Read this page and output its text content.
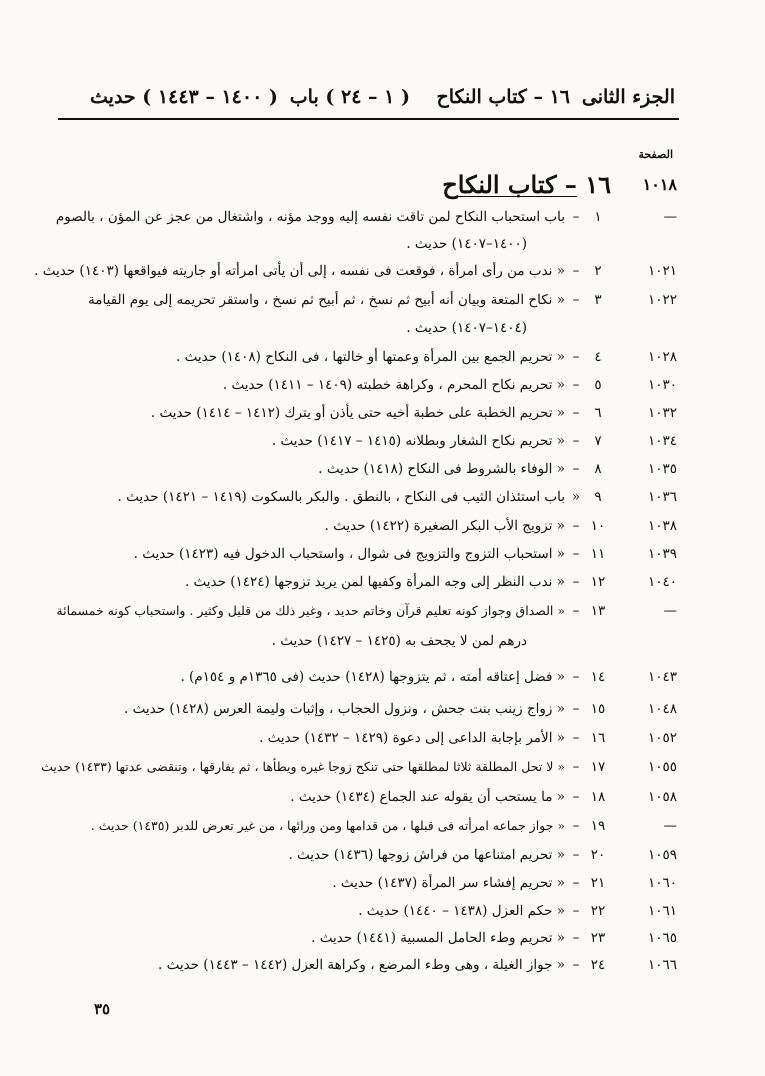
الجزء الثانى
١٦ – كتاب النكاح    ( ١ – ٢٤ ) باب
( ١٤٠٠ – ١٤٤٣ ) حديث
الصفحة
١٠١٨
١٦ – كتاب النكاح
—
١
–
باب استحباب النكاح لمن تاقت نفسه إليه ووجد مؤنه ، واشتغال من عجز عن المؤن ، بالصوم
(١٤٠٠–١٤٠٧) حديث .
١٠٢١
٢
–
« ندب من رأى امرأة ، فوقعت فى نفسه ، إلى أن يأتى امرأته أو جاريته فيواقعها (١٤٠٣) حديث .
١٠٢٢
٣
–
« نكاح المتعة وبيان أنه أبيح ثم نسخ ، ثم أبيح ثم نسخ ، واستقر تحريمه إلى يوم القيامة
(١٤٠٤–١٤٠٧) حديث .
١٠٢٨
٤
–
« تحريم الجمع بين المرأة وعمتها أو خالتها ، فى النكاح (١٤٠٨) حديث .
١٠٣٠
٥
–
« تحريم نكاح المحرم ، وكراهة خطبته (١٤٠٩ – ١٤١١) حديث .
١٠٣٢
٦
–
« تحريم الخطبة على خطبة أخيه حتى يأذن أو يترك (١٤١٢ – ١٤١٤) حديث .
١٠٣٤
٧
–
« تحريم نكاح الشغار وبطلانه (١٤١٥ – ١٤١٧) حديث .
١٠٣٥
٨
–
« الوفاء بالشروط فى النكاح (١٤١٨) حديث .
١٠٣٦
٩
«
باب استئذان الثيب فى النكاح ، بالنطق . والبكر بالسكوت (١٤١٩ – ١٤٢١) حديث .
١٠٣٨
١٠
–
« تزويج الأب البكر الصغيرة (١٤٢٢) حديث .
١٠٣٩
١١
–
« استحباب التزوج والتزويج فى شوال ، واستحباب الدخول فيه (١٤٢٣) حديث .
١٠٤٠
١٢
–
« ندب النظر إلى وجه المرأة وكفيها لمن يريد تزوجها (١٤٢٤) حديث .
—
١٣
–
« الصداق وجواز كونه تعليم قرآن وخاتم حديد ، وغير ذلك من قليل وكثير . واستحباب كونه خمسمائة
درهم لمن لا يجحف به (١٤٢٥ – ١٤٢٧) حديث .
١٠٤٣
١٤
–
« فضل إعتاقه أمته ، ثم يتزوجها (١٤٢٨) حديث (فى ١٣٦٥م و ١٥٤م) .
١٠٤٨
١٥
–
« زواج زينب بنت جحش ، ونزول الحجاب ، وإثبات وليمة العرس (١٤٢٨) حديث .
١٠٥٢
١٦
–
« الأمر بإجابة الداعى إلى دعوة (١٤٢٩ – ١٤٣٢) حديث .
١٠٥٥
١٧
–
« لا تحل المطلقة ثلاثا لمطلقها حتى تنكح زوجا غيره ويطأها ، ثم يفارقها ، وتنقضى عدتها (١٤٣٣) حديث
١٠٥٨
١٨
–
« ما يستحب أن يقوله عند الجماع (١٤٣٤) حديث .
—
١٩
–
« جواز جماعه امرأته فى قبلها ، من قدامها ومن ورائها ، من غير تعرض للدبر (١٤٣٥) حديث .
١٠٥٩
٢٠
–
« تحريم امتناعها من فراش زوجها (١٤٣٦) حديث .
١٠٦٠
٢١
–
« تحريم إفشاء سر المرأة (١٤٣٧) حديث .
١٠٦١
٢٢
–
« حكم العزل (١٤٣٨ – ١٤٤٠) حديث .
١٠٦٥
٢٣
–
« تحريم وطء الحامل المسبية (١٤٤١) حديث .
١٠٦٦
٢٤
–
« جواز الغيلة ، وهى وطء المرضع ، وكراهة العزل (١٤٤٢ – ١٤٤٣) حديث .
٣٥
